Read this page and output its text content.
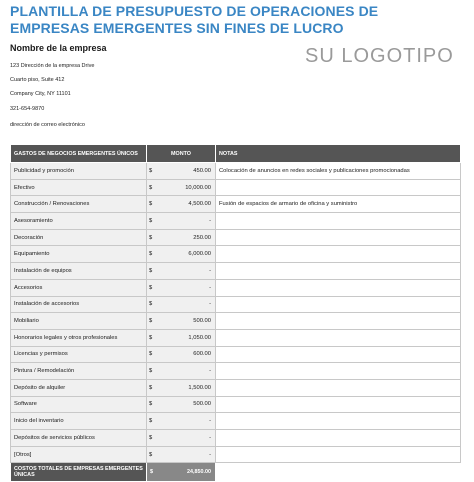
PLANTILLA DE PRESUPUESTO DE OPERACIONES DE EMPRESAS EMERGENTES SIN FINES DE LUCRO
Nombre de la empresa
123 Dirección de la empresa Drive
Cuarto piso, Suite 412
Company City, NY 11101
321-654-9870
dirección de correo electrónico
SU LOGOTIPO
GASTOS DE NEGOCIOS EMERGENTES ÚNICOS	MONTO		NOTAS
Publicidad y promoción	$	450.00	Colocación de anuncios en redes sociales y publicaciones promocionadas
Efectivo	$	10,000.00	
Construcción / Renovaciones	$	4,500.00	Fusión de espacios de armario de oficina y suministro
Asesoramiento	$	-	
Decoración	$	250.00	
Equipamiento	$	6,000.00	
Instalación de equipos	$	-	
Accesorios	$	-	
Instalación de accesorios	$	-	
Mobiliario	$	500.00	
Honorarios legales y otros profesionales	$	1,050.00	
Licencias y permisos	$	600.00	
Pintura / Remodelación	$	-	
Depósito de alquiler	$	1,500.00	
Software	$	500.00	
Inicio del inventario	$	-	
Depósitos de servicios públicos	$	-	
[Otros]	$	-	
COSTOS TOTALES DE EMPRESAS EMERGENTES ÚNICAS	$	24,850.00	
